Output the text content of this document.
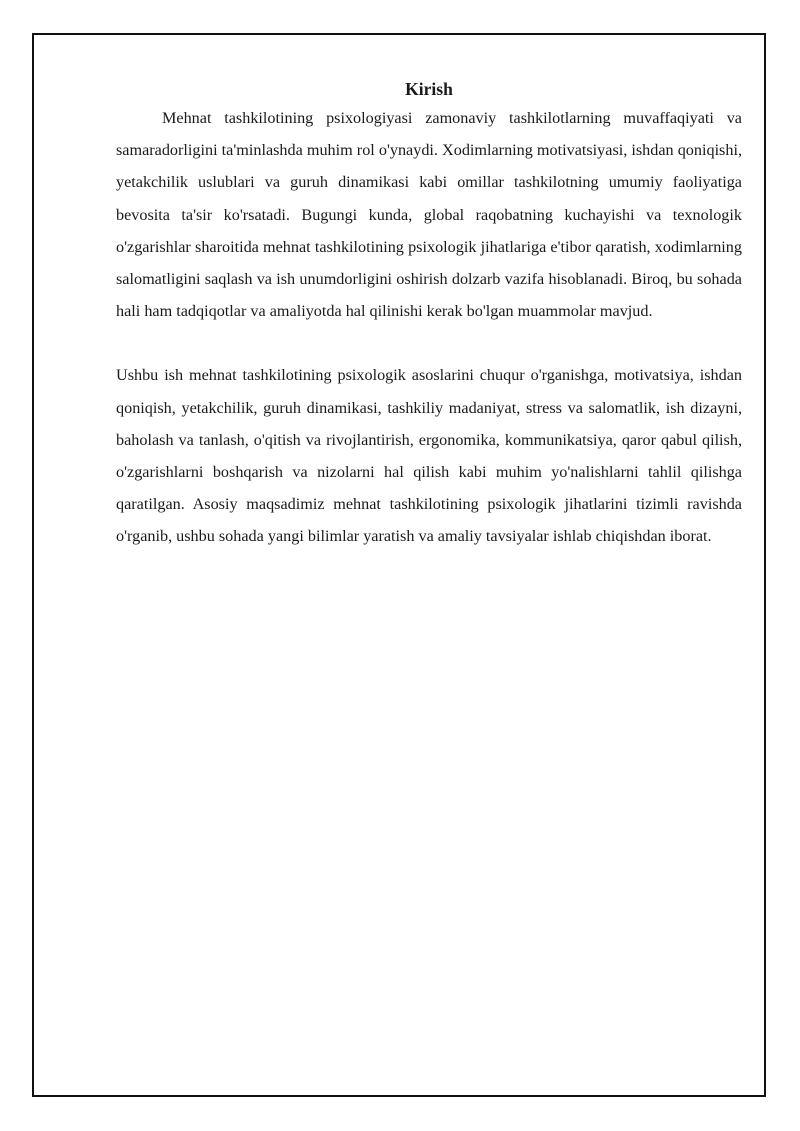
Kirish

Mehnat tashkilotining psixologiyasi zamonaviy tashkilotlarning muvaffaqiyati va samaradorligini ta'minlashda muhim rol o'ynaydi. Xodimlarning motivatsiyasi, ishdan qoniqishi, yetakchilik uslublari va guruh dinamikasi kabi omillar tashkilotning umumiy faoliyatiga bevosita ta'sir ko'rsatadi. Bugungi kunda, global raqobatning kuchayishi va texnologik o'zgarishlar sharoitida mehnat tashkilotining psixologik jihatlariga e'tibor qaratish, xodimlarning salomatligini saqlash va ish unumdorligini oshirish dolzarb vazifa hisoblanadi. Biroq, bu sohada hali ham tadqiqotlar va amaliyotda hal qilinishi kerak bo'lgan muammolar mavjud.

Ushbu ish mehnat tashkilotining psixologik asoslarini chuqur o'rganishga, motivatsiya, ishdan qoniqish, yetakchilik, guruh dinamikasi, tashkiliy madaniyat, stress va salomatlik, ish dizayni, baholash va tanlash, o'qitish va rivojlantirish, ergonomika, kommunikatsiya, qaror qabul qilish, o'zgarishlarni boshqarish va nizolarni hal qilish kabi muhim yo'nalishlarni tahlil qilishga qaratilgan. Asosiy maqsadimiz mehnat tashkilotining psixologik jihatlarini tizimli ravishda o'rganib, ushbu sohada yangi bilimlar yaratish va amaliy tavsiyalar ishlab chiqishdan iborat.
